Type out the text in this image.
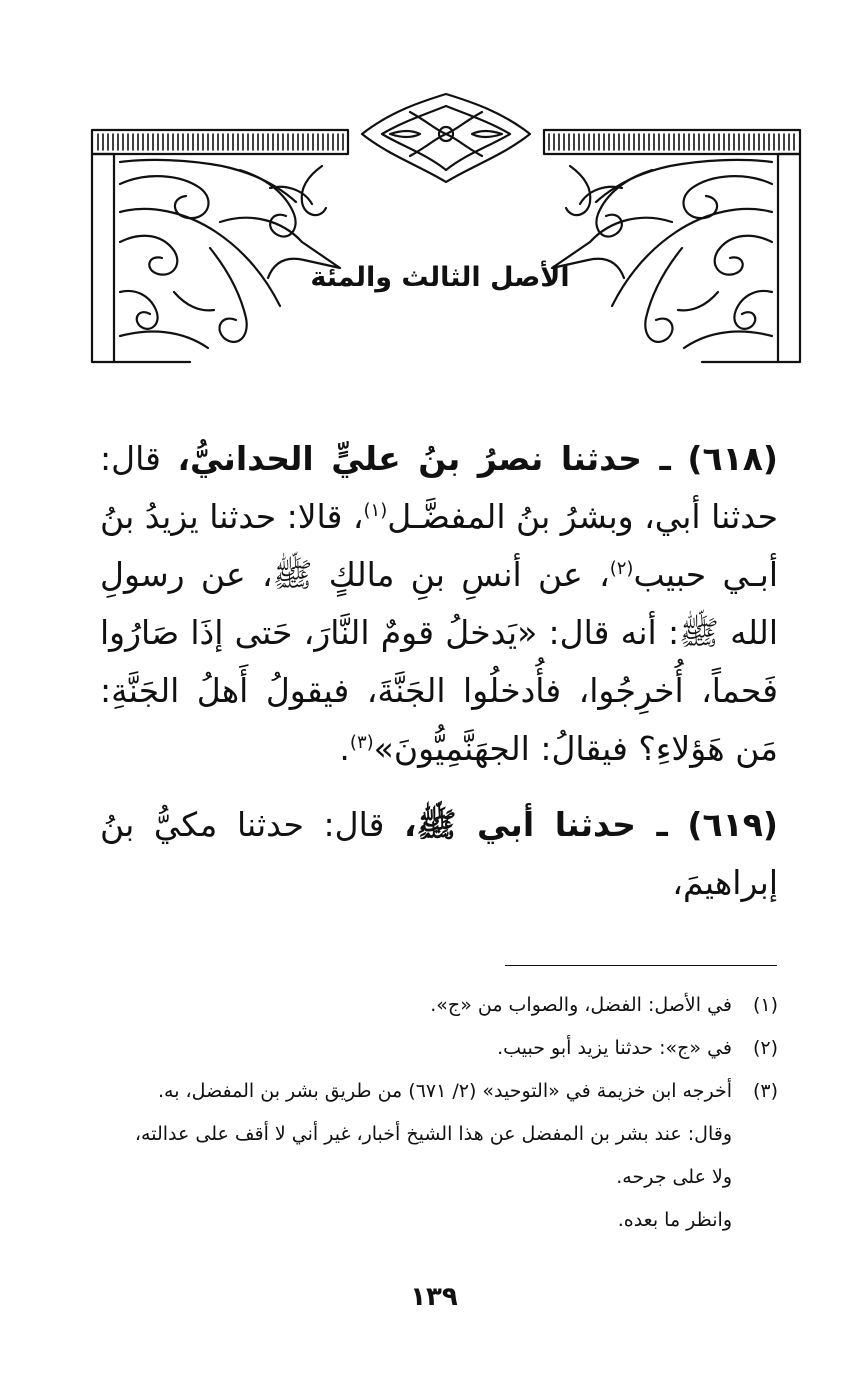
الأصل الثالث والمئة

(٦١٨) ـ حدثنا نصرُ بنُ عليٍّ الحدانيُّ، قال: حدثنا أبي، وبشرُ بنُ المفضَّـل$^{(١)}$، قالا: حدثنا يزيدُ بنُ أبـي حبيب$^{(٢)}$، عن أنسِ بنِ مالكٍ ﷺ، عن رسولِ الله ﷺ: أنه قال: «يَدخلُ قومٌ النَّارَ، حَتى إذَا صَارُوا فَحماً، أُخرِجُوا، فأُدخلُوا الجَنَّةَ، فيقولُ أَهلُ الجَنَّةِ: مَن هَؤلاءِ؟ فيقالُ: الجهَنَّمِيُّونَ»$^{(٣)}$.

(٦١٩) ـ حدثنا أبي ﷺ، قال: حدثنا مكيُّ بنُ إبراهيمَ،

(١)
في الأصل: الفضل، والصواب من «ج».
(٢)
في «ج»: حدثنا يزيد أبو حبيب.
(٣)
أخرجه ابن خزيمة في «التوحيد» (٢/ ٦٧١) من طريق بشر بن المفضل، به.
وقال: عند بشر بن المفضل عن هذا الشيخ أخبار، غير أني لا أقف على عدالته،
ولا على جرحه.
وانظر ما بعده.
١٣٩
